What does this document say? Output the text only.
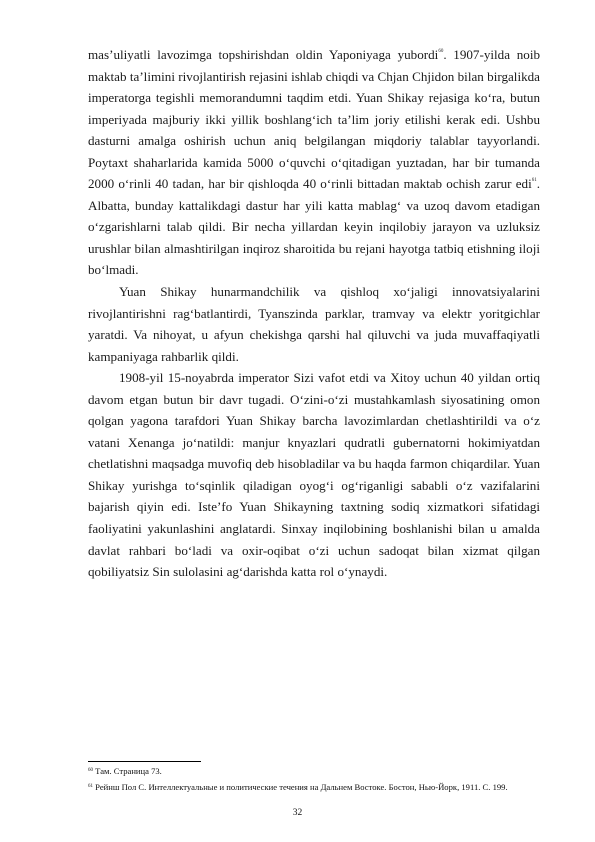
mas’uliyatli lavozimga topshirishdan oldin Yaponiyaga yubordi$^{60}$. 1907-yilda noib maktab ta’limini rivojlantirish rejasini ishlab chiqdi va Chjan Chjidon bilan birgalikda imperatorga tegishli memorandumni taqdim etdi. Yuan Shikay rejasiga koʻra, butun imperiyada majburiy ikki yillik boshlangʻich taʼlim joriy etilishi kerak edi. Ushbu dasturni amalga oshirish uchun aniq belgilangan miqdoriy talablar tayyorlandi. Poytaxt shaharlarida kamida 5000 oʻquvchi oʻqitadigan yuztadan, har bir tumanda 2000 oʻrinli 40 tadan, har bir qishloqda 40 oʻrinli bittadan maktab ochish zarur edi$^{61}$. Albatta, bunday kattalikdagi dastur har yili katta mablagʻ va uzoq davom etadigan oʻzgarishlarni talab qildi. Bir necha yillardan keyin inqilobiy jarayon va uzluksiz urushlar bilan almashtirilgan inqiroz sharoitida bu rejani hayotga tatbiq etishning iloji boʻlmadi.

Yuan Shikay hunarmandchilik va qishloq xoʻjaligi innovatsiyalarini rivojlantirishni ragʻbatlantirdi, Tyanszinda parklar, tramvay va elektr yoritgichlar yaratdi. Va nihoyat, u afyun chekishga qarshi hal qiluvchi va juda muvaffaqiyatli kampaniyaga rahbarlik qildi.

1908-yil 15-noyabrda imperator Sizi vafot etdi va Xitoy uchun 40 yildan ortiq davom etgan butun bir davr tugadi. Oʻzini-oʻzi mustahkamlash siyosatining omon qolgan yagona tarafdori Yuan Shikay barcha lavozimlardan chetlashtirildi va oʻz vatani Xenanga joʻnatildi: manjur knyazlari qudratli gubernatorni hokimiyatdan chetlatishni maqsadga muvofiq deb hisobladilar va bu haqda farmon chiqardilar. Yuan Shikay yurishga toʻsqinlik qiladigan oyogʻi ogʻriganligi sababli oʻz vazifalarini bajarish qiyin edi. Isteʼfo Yuan Shikayning taxtning sodiq xizmatkori sifatidagi faoliyatini yakunlashini anglatardi. Sinxay inqilobining boshlanishi bilan u amalda davlat rahbari boʻladi va oxir-oqibat oʻzi uchun sadoqat bilan xizmat qilgan qobiliyatsiz Sin sulolasini agʻdarishda katta rol oʻynaydi.

$^{60}$ Там. Страница 73.

$^{61}$ Рейнш Пол С. Интеллектуальные и политические течения на Дальнем Востоке. Бостон, Нью-Йорк, 1911. С. 199.

32
